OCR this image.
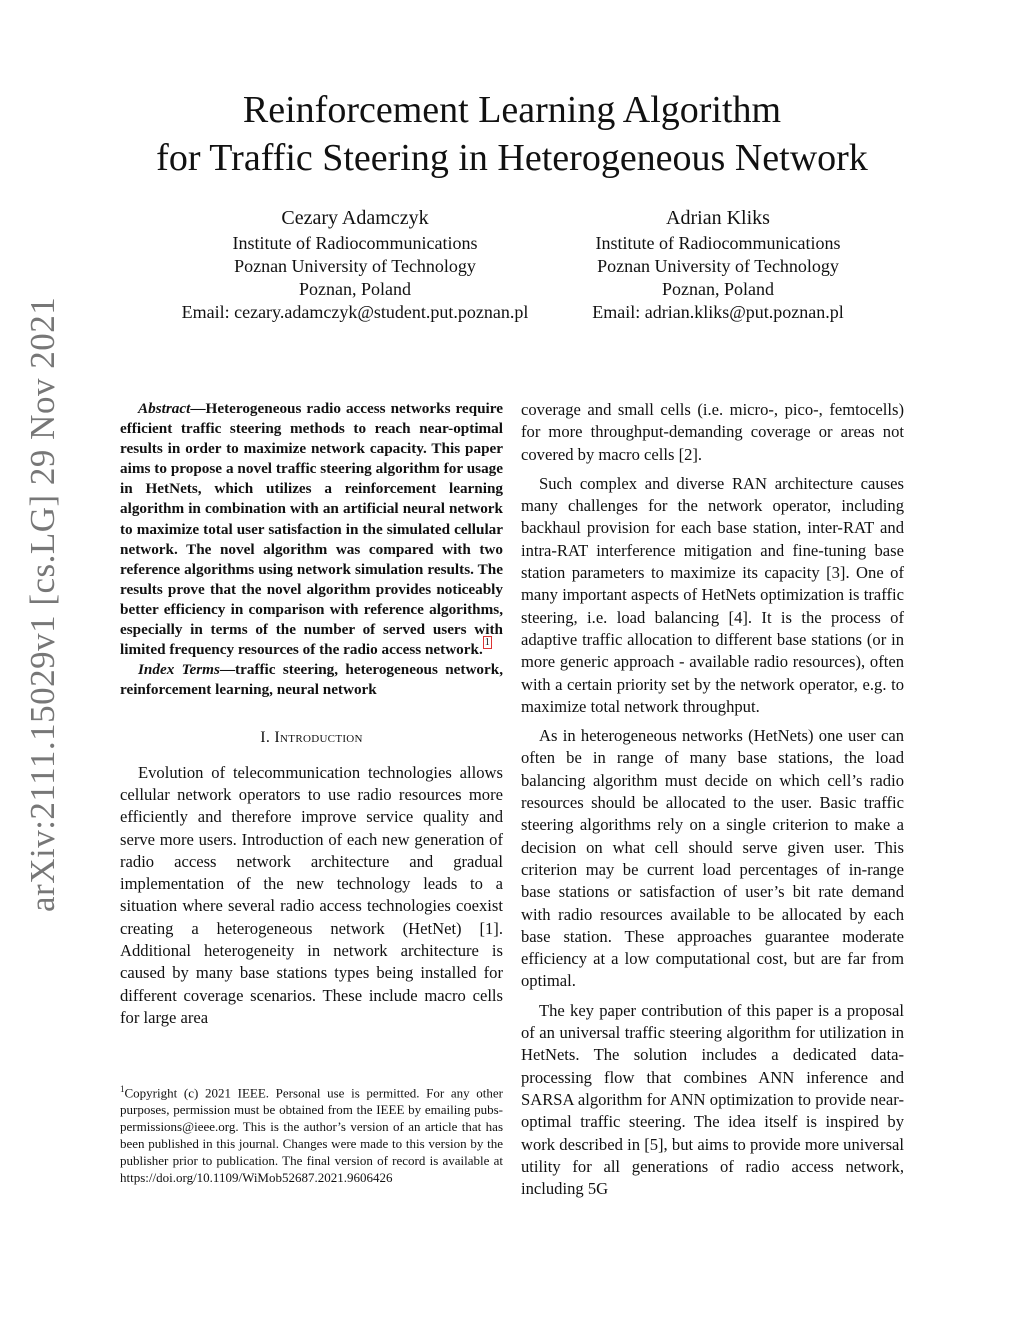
Reinforcement Learning Algorithm
for Traffic Steering in Heterogeneous Network
Cezary Adamczyk
Institute of Radiocommunications
Poznan University of Technology
Poznan, Poland
Email: cezary.adamczyk@student.put.poznan.pl
Adrian Kliks
Institute of Radiocommunications
Poznan University of Technology
Poznan, Poland
Email: adrian.kliks@put.poznan.pl
arXiv:2111.15029v1 [cs.LG] 29 Nov 2021	Abstract—Heterogeneous radio access networks require efficient traffic steering methods to reach near-optimal results in order to maximize network capacity. This paper aims to propose a novel traffic steering algorithm for usage in HetNets, which utilizes a reinforcement learning algorithm in combination with an artificial neural network to maximize total user satisfaction in the simulated cellular network. The novel algorithm was compared with two reference algorithms using network simulation results. The results prove that the novel algorithm provides noticeably better efficiency in comparison with reference algorithms, especially in terms of the number of served users with limited frequency resources of the radio access network. $^1$

Index Terms—traffic steering, heterogeneous network, reinforcement learning, neural network

I. Introduction

Evolution of telecommunication technologies allows cellular network operators to use radio resources more efficiently and therefore improve service quality and serve more users. Introduction of each new generation of radio access network architecture and gradual implementation of the new technology leads to a situation where several radio access technologies coexist creating a heterogeneous network (HetNet) [1]. Additional heterogeneity in network architecture is caused by many base stations types being installed for different coverage scenarios. These include macro cells for large area

$^1$Copyright (c) 2021 IEEE. Personal use is permitted. For any other purposes, permission must be obtained from the IEEE by emailing pubs-permissions@ieee.org. This is the author’s version of an article that has been published in this journal. Changes were made to this version by the publisher prior to publication. The final version of record is available at https://doi.org/10.1109/WiMob52687.2021.9606426

coverage and small cells (i.e. micro-, pico-, femtocells) for more throughput-demanding coverage or areas not covered by macro cells [2].

Such complex and diverse RAN architecture causes many challenges for the network operator, including backhaul provision for each base station, inter-RAT and intra-RAT interference mitigation and fine-tuning base station parameters to maximize its capacity [3]. One of many important aspects of HetNets optimization is traffic steering, i.e. load balancing [4]. It is the process of adaptive traffic allocation to different base stations (or in more generic approach - available radio resources), often with a certain priority set by the network operator, e.g. to maximize total network throughput.

As in heterogeneous networks (HetNets) one user can often be in range of many base stations, the load balancing algorithm must decide on which cell’s radio resources should be allocated to the user. Basic traffic steering algorithms rely on a single criterion to make a decision on what cell should serve given user. This criterion may be current load percentages of in-range base stations or satisfaction of user’s bit rate demand with radio resources available to be allocated by each base station. These approaches guarantee moderate efficiency at a low computational cost, but are far from optimal.

The key paper contribution of this paper is a proposal of an universal traffic steering algorithm for utilization in HetNets. The solution includes a dedicated data-processing flow that combines ANN inference and SARSA algorithm for ANN optimization to provide near-optimal traffic steering. The idea itself is inspired by work described in [5], but aims to provide more universal utility for all generations of radio access network, including 5G
